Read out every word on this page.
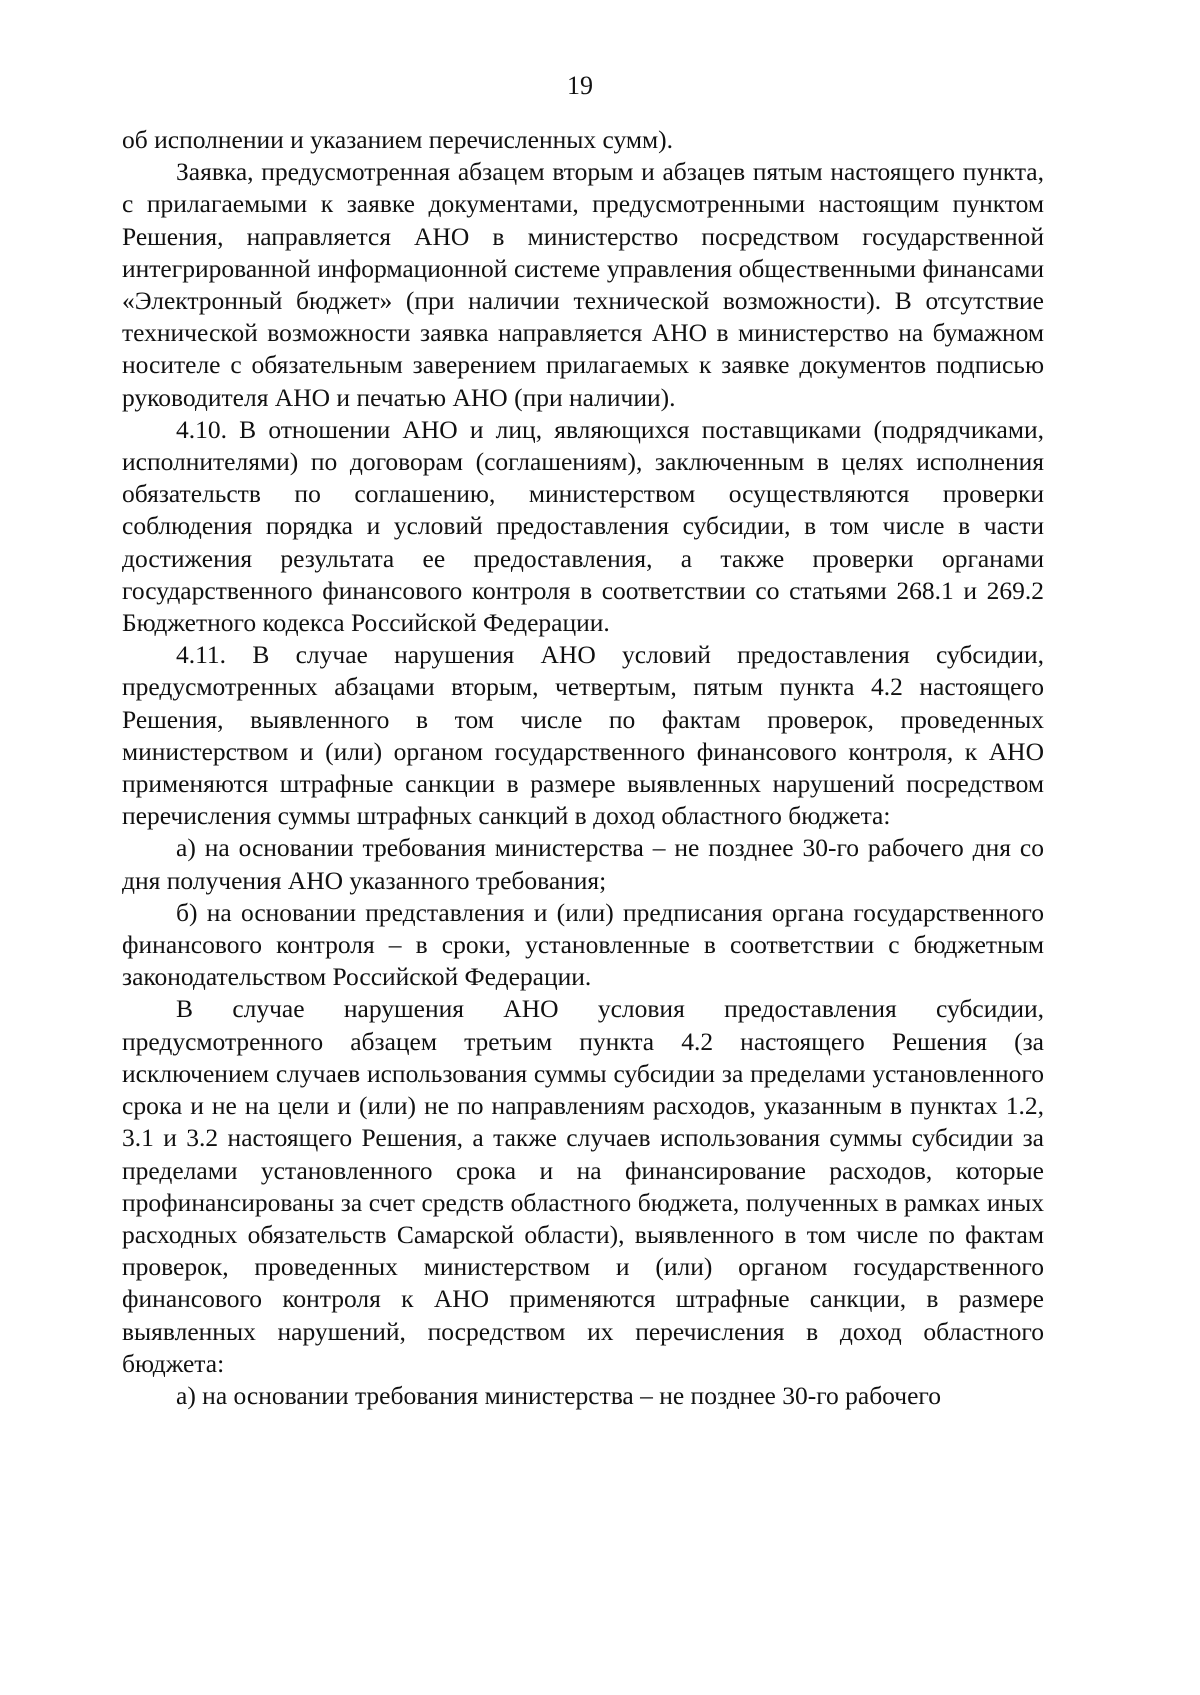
19

об исполнении и указанием перечисленных сумм).

Заявка, предусмотренная абзацем вторым и абзацев пятым настоящего пункта, с прилагаемыми к заявке документами, предусмотренными настоящим пунктом Решения, направляется АНО в министерство посредством государственной интегрированной информационной системе управления общественными финансами «Электронный бюджет» (при наличии технической возможности). В отсутствие технической возможности заявка направляется АНО в министерство на бумажном носителе с обязательным заверением прилагаемых к заявке документов подписью руководителя АНО и печатью АНО (при наличии).

4.10. В отношении АНО и лиц, являющихся поставщиками (подрядчиками, исполнителями) по договорам (соглашениям), заключенным в целях исполнения обязательств по соглашению, министерством осуществляются проверки соблюдения порядка и условий предоставления субсидии, в том числе в части достижения результата ее предоставления, а также проверки органами государственного финансового контроля в соответствии со статьями 268.1 и 269.2 Бюджетного кодекса Российской Федерации.

4.11. В случае нарушения АНО условий предоставления субсидии, предусмотренных абзацами вторым, четвертым, пятым пункта 4.2 настоящего Решения, выявленного в том числе по фактам проверок, проведенных министерством и (или) органом государственного финансового контроля, к АНО применяются штрафные санкции в размере выявленных нарушений посредством перечисления суммы штрафных санкций в доход областного бюджета:

а) на основании требования министерства – не позднее 30-го рабочего дня со дня получения АНО указанного требования;

б) на основании представления и (или) предписания органа государственного финансового контроля – в сроки, установленные в соответствии с бюджетным законодательством Российской Федерации.

В случае нарушения АНО условия предоставления субсидии, предусмотренного абзацем третьим пункта 4.2 настоящего Решения (за исключением случаев использования суммы субсидии за пределами установленного срока и не на цели и (или) не по направлениям расходов, указанным в пунктах 1.2, 3.1 и 3.2 настоящего Решения, а также случаев использования суммы субсидии за пределами установленного срока и на финансирование расходов, которые профинансированы за счет средств областного бюджета, полученных в рамках иных расходных обязательств Самарской области), выявленного в том числе по фактам проверок, проведенных министерством и (или) органом государственного финансового контроля к АНО применяются штрафные санкции, в размере выявленных нарушений, посредством их перечисления в доход областного бюджета:

а) на основании требования министерства – не позднее 30-го рабочего
